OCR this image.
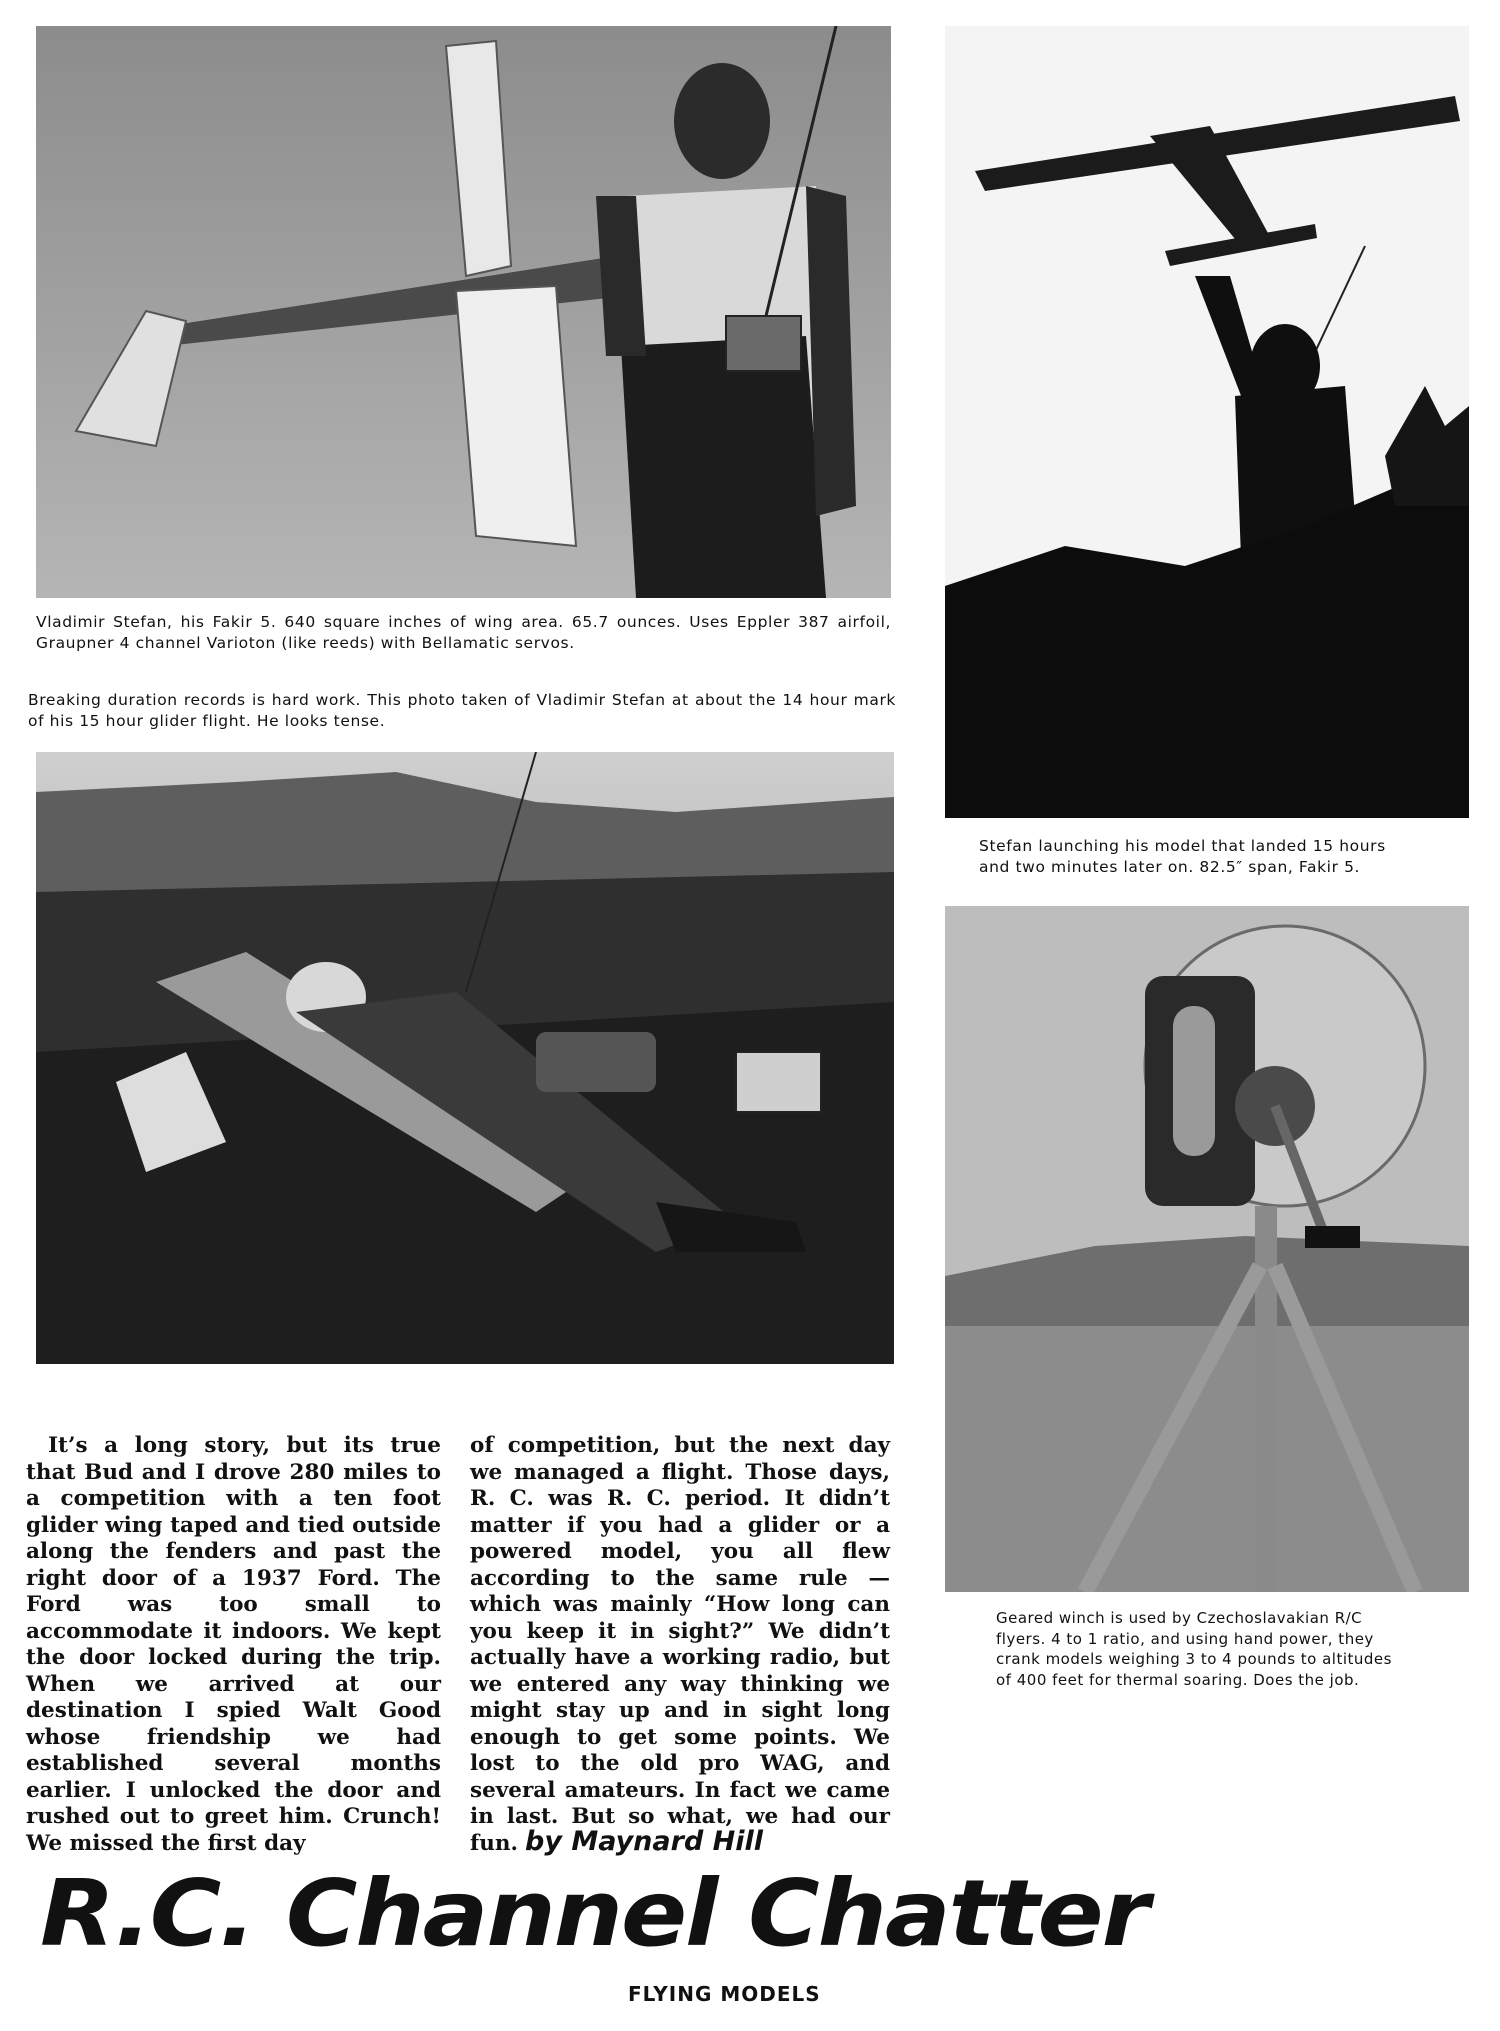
Vladimir Stefan, his Fakir 5. 640 square inches of wing area. 65.7 ounces. Uses Eppler 387 airfoil, Graupner 4 channel Varioton (like reeds) with Bellamatic servos.
Breaking duration records is hard work. This photo taken of Vladimir Stefan at about the 14 hour mark of his 15 hour glider flight. He looks tense.
Stefan launching his model that landed 15 hours and two minutes later on. 82.5″ span, Fakir 5.
Geared winch is used by Czechoslavakian R/C flyers. 4 to 1 ratio, and using hand power, they crank models weighing 3 to 4 pounds to altitudes of 400 feet for thermal soaring. Does the job.

It’s a long story, but its true that Bud and I drove 280 miles to a competition with a ten foot glider wing taped and tied outside along the fenders and past the right door of a 1937 Ford. The Ford was too small to accommodate it indoors. We kept the door locked during the trip. When we arrived at our destination I spied Walt Good whose friendship we had established several months earlier. I unlocked the door and rushed out to greet him. Crunch! We missed the first day

of competition, but the next day we managed a flight. Those days, R. C. was R. C. period. It didn’t matter if you had a glider or a powered model, you all flew according to the same rule —which was mainly “How long can you keep it in sight?” We didn’t actually have a working radio, but we entered any way thinking we might stay up and in sight long enough to get some points. We lost to the old pro WAG, and several amateurs. In fact we came in last. But so what, we had our fun. by Maynard Hill
R.C. Channel Chatter
FLYING MODELS
